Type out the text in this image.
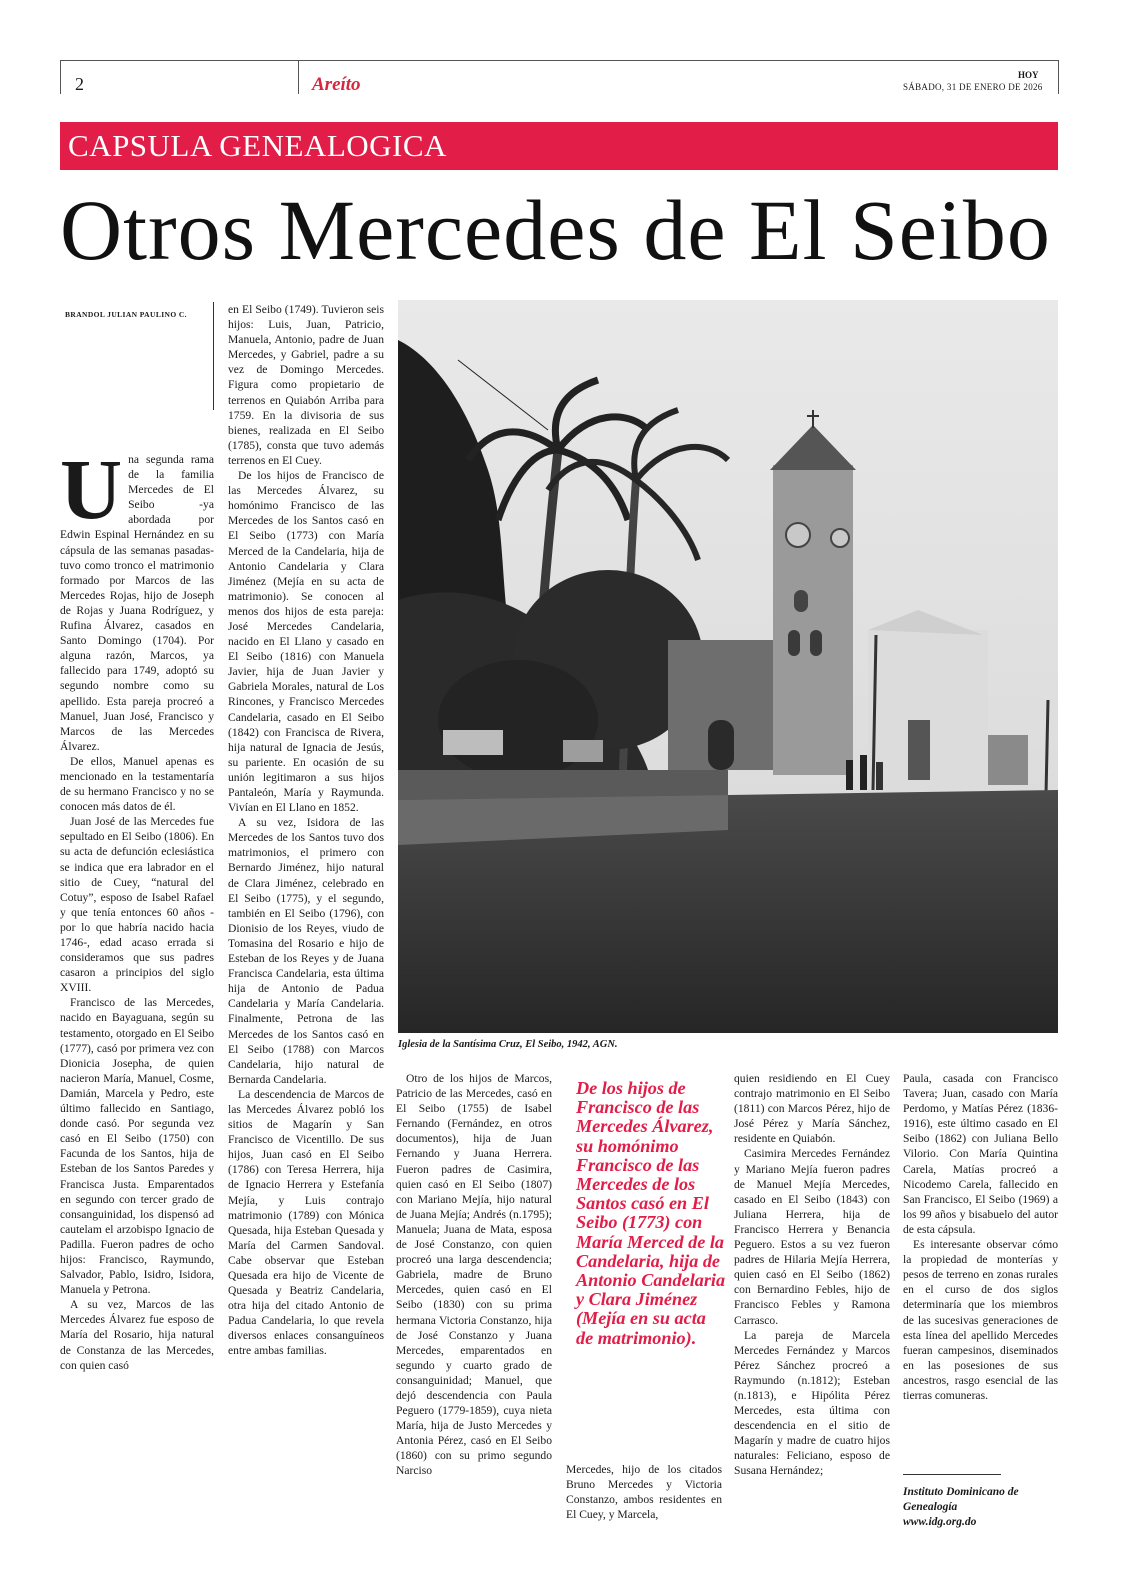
2	Areíto	HOY
SÁBADO, 31 DE ENERO DE 2026
CAPSULA GENEALOGICA
Otros Mercedes de El Seibo
BRANDOL JULIAN PAULINO C.
U na segunda rama de la familia Mercedes de El Seibo -ya abordada por Edwin Espinal Hernández en su cápsula de las semanas pasadas- tuvo como tronco el matrimonio formado por Marcos de las Mercedes Rojas, hijo de Joseph de Rojas y Juana Rodríguez, y Rufina Álvarez, casados en Santo Domingo (1704). Por alguna razón, Marcos, ya fallecido para 1749, adoptó su segundo nombre como su apellido. Esta pareja procreó a Manuel, Juan José, Francisco y Marcos de las Mercedes Álvarez.

De ellos, Manuel apenas es mencionado en la testamentaría de su hermano Francisco y no se conocen más datos de él.

Juan José de las Mercedes fue sepultado en El Seibo (1806). En su acta de defunción eclesiástica se indica que era labrador en el sitio de Cuey, “natural del Cotuy”, esposo de Isabel Rafael y que tenía entonces 60 años -por lo que habría nacido hacia 1746-, edad acaso errada si consideramos que sus padres casaron a principios del siglo XVIII.

Francisco de las Mercedes, nacido en Bayaguana, según su testamento, otorgado en El Seibo (1777), casó por primera vez con Dionicia Josepha, de quien nacieron María, Manuel, Cosme, Damián, Marcela y Pedro, este último fallecido en Santiago, donde casó. Por segunda vez casó en El Seibo (1750) con Facunda de los Santos, hija de Esteban de los Santos Paredes y Francisca Justa. Emparentados en segundo con tercer grado de consanguinidad, los dispensó ad cautelam el arzobispo Ignacio de Padilla. Fueron padres de ocho hijos: Francisco, Raymundo, Salvador, Pablo, Isidro, Isidora, Manuela y Petrona.

A su vez, Marcos de las Mercedes Álvarez fue esposo de María del Rosario, hija natural de Constanza de las Mercedes, con quien casó

en El Seibo (1749). Tuvieron seis hijos: Luis, Juan, Patricio, Manuela, Antonio, padre de Juan Mercedes, y Gabriel, padre a su vez de Domingo Mercedes. Figura como propietario de terrenos en Quiabón Arriba para 1759. En la divisoria de sus bienes, realizada en El Seibo (1785), consta que tuvo además terrenos en El Cuey.

De los hijos de Francisco de las Mercedes Álvarez, su homónimo Francisco de las Mercedes de los Santos casó en El Seibo (1773) con María Merced de la Candelaria, hija de Antonio Candelaria y Clara Jiménez (Mejía en su acta de matrimonio). Se conocen al menos dos hijos de esta pareja: José Mercedes Candelaria, nacido en El Llano y casado en El Seibo (1816) con Manuela Javier, hija de Juan Javier y Gabriela Morales, natural de Los Rincones, y Francisco Mercedes Candelaria, casado en El Seibo (1842) con Francisca de Rivera, hija natural de Ignacia de Jesús, su pariente. En ocasión de su unión legitimaron a sus hijos Pantaleón, María y Raymunda. Vivían en El Llano en 1852.

A su vez, Isidora de las Mercedes de los Santos tuvo dos matrimonios, el primero con Bernardo Jiménez, hijo natural de Clara Jiménez, celebrado en El Seibo (1775), y el segundo, también en El Seibo (1796), con Dionisio de los Reyes, viudo de Tomasina del Rosario e hijo de Esteban de los Reyes y de Juana Francisca Candelaria, esta última hija de Antonio de Padua Candelaria y María Candelaria. Finalmente, Petrona de las Mercedes de los Santos casó en El Seibo (1788) con Marcos Candelaria, hijo natural de Bernarda Candelaria.

La descendencia de Marcos de las Mercedes Álvarez pobló los sitios de Magarín y San Francisco de Vicentillo. De sus hijos, Juan casó en El Seibo (1786) con Teresa Herrera, hija de Ignacio Herrera y Estefanía Mejía, y Luis contrajo matrimonio (1789) con Mónica Quesada, hija Esteban Quesada y María del Carmen Sandoval. Cabe observar que Esteban Quesada era hijo de Vicente de Quesada y Beatriz Candelaria, otra hija del citado Antonio de Padua Candelaria, lo que revela diversos enlaces consanguíneos entre ambas familias.

Iglesia de la Santísima Cruz, El Seibo, 1942, AGN.

Otro de los hijos de Marcos, Patricio de las Mercedes, casó en El Seibo (1755) de Isabel Fernando (Fernández, en otros documentos), hija de Juan Fernando y Juana Herrera. Fueron padres de Casimira, quien casó en El Seibo (1807) con Mariano Mejía, hijo natural de Juana Mejía; Andrés (n.1795); Manuela; Juana de Mata, esposa de José Constanzo, con quien procreó una larga descendencia; Gabriela, madre de Bruno Mercedes, quien casó en El Seibo (1830) con su prima hermana Victoria Constanzo, hija de José Constanzo y Juana Mercedes, emparentados en segundo y cuarto grado de consanguinidad; Manuel, que dejó descendencia con Paula Peguero (1779-1859), cuya nieta María, hija de Justo Mercedes y Antonia Pérez, casó en El Seibo (1860) con su primo segundo Narciso

De los hijos de Francisco de las Mercedes Álvarez, su homónimo Francisco de las Mercedes de los Santos casó en El Seibo (1773) con María Merced de la Candelaria, hija de Antonio Candelaria y Clara Jiménez (Mejía en su acta de matrimonio).

Mercedes, hijo de los citados Bruno Mercedes y Victoria Constanzo, ambos residentes en El Cuey, y Marcela,

quien residiendo en El Cuey contrajo matrimonio en El Seibo (1811) con Marcos Pérez, hijo de José Pérez y María Sánchez, residente en Quiabón.

Casimira Mercedes Fernández y Mariano Mejía fueron padres de Manuel Mejía Mercedes, casado en El Seibo (1843) con Juliana Herrera, hija de Francisco Herrera y Benancia Peguero. Estos a su vez fueron padres de Hilaria Mejía Herrera, quien casó en El Seibo (1862) con Bernardino Febles, hijo de Francisco Febles y Ramona Carrasco.

La pareja de Marcela Mercedes Fernández y Marcos Pérez Sánchez procreó a Raymundo (n.1812); Esteban (n.1813), e Hipólita Pérez Mercedes, esta última con descendencia en el sitio de Magarín y madre de cuatro hijos naturales: Feliciano, esposo de Susana Hernández;

Paula, casada con Francisco Tavera; Juan, casado con María Perdomo, y Matías Pérez (1836-1916), este último casado en El Seibo (1862) con Juliana Bello Vilorio. Con María Quintina Carela, Matías procreó a Nicodemo Carela, fallecido en San Francisco, El Seibo (1969) a los 99 años y bisabuelo del autor de esta cápsula.

Es interesante observar cómo la propiedad de monterías y pesos de terreno en zonas rurales en el curso de dos siglos determinaría que los miembros de las sucesivas generaciones de esta línea del apellido Mercedes fueran campesinos, diseminados en las posesiones de sus ancestros, rasgo esencial de las tierras comuneras.

Instituto Dominicano de
Genealogía
www.idg.org.do
